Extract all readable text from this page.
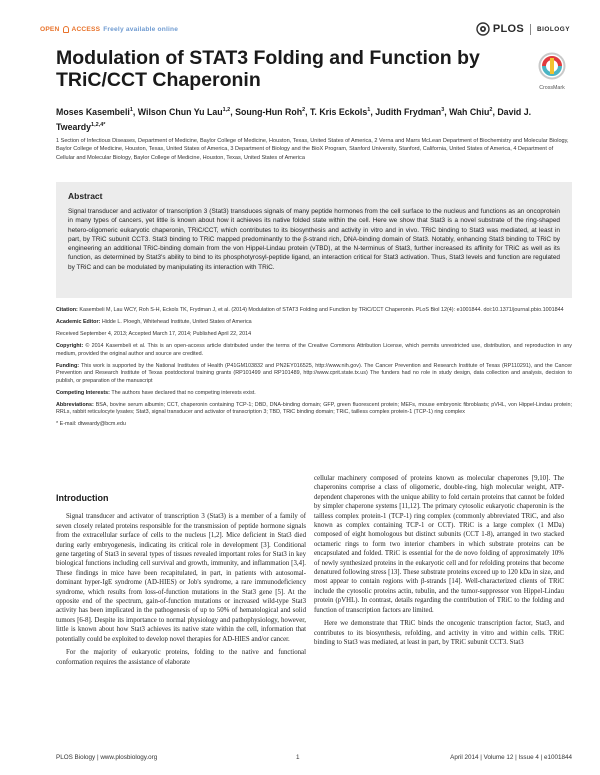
OPEN ACCESS Freely available online	PLOS BIOLOGY
Modulation of STAT3 Folding and Function by TRiC/CCT Chaperonin	CrossMark
Moses Kasembeli$^1$, Wilson Chun Yu Lau$^{1,2}$, Soung-Hun Roh$^2$, T. Kris Eckols$^1$, Judith Frydman$^3$, Wah Chiu$^2$, David J. Tweardy$^{1,2,4*}$
1 Section of Infectious Diseases, Department of Medicine, Baylor College of Medicine, Houston, Texas, United States of America, 2 Verna and Marrs McLean Department of Biochemistry and Molecular Biology, Baylor College of Medicine, Houston, Texas, United States of America, 3 Department of Biology and the BioX Program, Stanford University, Stanford, California, United States of America, 4 Department of Cellular and Molecular Biology, Baylor College of Medicine, Houston, Texas, United States of America
Abstract

Signal transducer and activator of transcription 3 (Stat3) transduces signals of many peptide hormones from the cell surface to the nucleus and functions as an oncoprotein in many types of cancers, yet little is known about how it achieves its native folded state within the cell. Here we show that Stat3 is a novel substrate of the ring-shaped hetero-oligomeric eukaryotic chaperonin, TRiC/CCT, which contributes to its biosynthesis and activity in vitro and in vivo. TRiC binding to Stat3 was mediated, at least in part, by TRiC subunit CCT3. Stat3 binding to TRiC mapped predominantly to the β-strand rich, DNA-binding domain of Stat3. Notably, enhancing Stat3 binding to TRiC by engineering an additional TRiC-binding domain from the von Hippel-Lindau protein (vTBD), at the N-terminus of Stat3, further increased its affinity for TRiC as well as its function, as determined by Stat3's ability to bind to its phosphotyrosyl-peptide ligand, an interaction critical for Stat3 activation. Thus, Stat3 levels and function are regulated by TRiC and can be modulated by manipulating its interaction with TRiC.

Citation: Kasembeli M, Lau WCY, Roh S-H, Eckols TK, Frydman J, et al. (2014) Modulation of STAT3 Folding and Function by TRiC/CCT Chaperonin. PLoS Biol 12(4): e1001844. doi:10.1371/journal.pbio.1001844

Academic Editor: Hidde L. Ploegh, Whitehead Institute, United States of America

Received September 4, 2013; Accepted March 17, 2014; Published April 22, 2014

Copyright: © 2014 Kasembeli et al. This is an open-access article distributed under the terms of the Creative Commons Attribution License, which permits unrestricted use, distribution, and reproduction in any medium, provided the original author and source are credited.

Funding: This work is supported by the National Institutes of Health (P41GM103832 and PN2EY016525, http://www.nih.gov). The Cancer Prevention and Research Institute of Texas (RP110291), and the Cancer Prevention and Research Institute of Texas postdoctoral training grants (RP101499 and RP101489, http://www.cprit.state.tx.us) The funders had no role in study design, data collection and analysis, decision to publish, or preparation of the manuscript

Competing Interests: The authors have declared that no competing interests exist.

Abbreviations: BSA, bovine serum albumin; CCT, chaperonin containing TCP-1; DBD, DNA-binding domain; GFP, green fluorescent protein; MEFs, mouse embryonic fibroblasts; pVHL, von Hippel-Lindau protein; RRLs, rabbit reticulocyte lysates; Stat3, signal transducer and activator of transcription 3; TBD, TRiC binding domain; TRiC, tailless complex protein-1 (TCP-1) ring complex

* E-mail: dtweardy@bcm.edu

Introduction

Signal transducer and activator of transcription 3 (Stat3) is a member of a family of seven closely related proteins responsible for the transmission of peptide hormone signals from the extracellular surface of cells to the nucleus [1,2]. Mice deficient in Stat3 died during early embryogenesis, indicating its critical role in development [3]. Conditional gene targeting of Stat3 in several types of tissues revealed important roles for Stat3 in key biological functions including cell survival and growth, immunity, and inflammation [3,4]. These findings in mice have been recapitulated, in part, in patients with autosomal-dominant hyper-IgE syndrome (AD-HIES) or Job's syndrome, a rare immunodeficiency syndrome, which results from loss-of-function mutations in the Stat3 gene [5]. At the opposite end of the spectrum, gain-of-function mutations or increased wild-type Stat3 activity has been implicated in the pathogenesis of up to 50% of hematological and solid tumors [6-8]. Despite its importance to normal physiology and pathophysiology, however, little is known about how Stat3 achieves its native state within the cell, information that potentially could be exploited to develop novel therapies for AD-HIES and/or cancer.

For the majority of eukaryotic proteins, folding to the native and functional conformation requires the assistance of elaborate

cellular machinery composed of proteins known as molecular chaperones [9,10]. The chaperonins comprise a class of oligomeric, double-ring, high molecular weight, ATP-dependent chaperones with the unique ability to fold certain proteins that cannot be folded by simpler chaperone systems [11,12]. The primary cytosolic eukaryotic chaperonin is the tailless complex protein-1 (TCP-1) ring complex (commonly abbreviated TRiC, and also known as complex containing TCP-1 or CCT). TRiC is a large complex (1 MDa) composed of eight homologous but distinct subunits (CCT 1-8), arranged in two stacked octameric rings to form two interior chambers in which substrate proteins can be encapsulated and folded. TRiC is essential for the de novo folding of approximately 10% of newly synthesized proteins in the eukaryotic cell and for refolding proteins that become denatured following stress [13]. These substrate proteins exceed up to 120 kDa in size, and most appear to contain regions with β-strands [14]. Well-characterized clients of TRiC include the cytosolic proteins actin, tubulin, and the tumor-suppressor von Hippel-Lindau protein (pVHL). In contrast, details regarding the contribution of TRiC to the folding and function of transcription factors are limited.

Here we demonstrate that TRiC binds the oncogenic transcription factor, Stat3, and contributes to its biosynthesis, refolding, and activity in vitro and within cells. TRiC binding to Stat3 was mediated, at least in part, by TRiC subunit CCT3. Stat3

PLOS Biology | www.plosbiology.org	1	April 2014 | Volume 12 | Issue 4 | e1001844
